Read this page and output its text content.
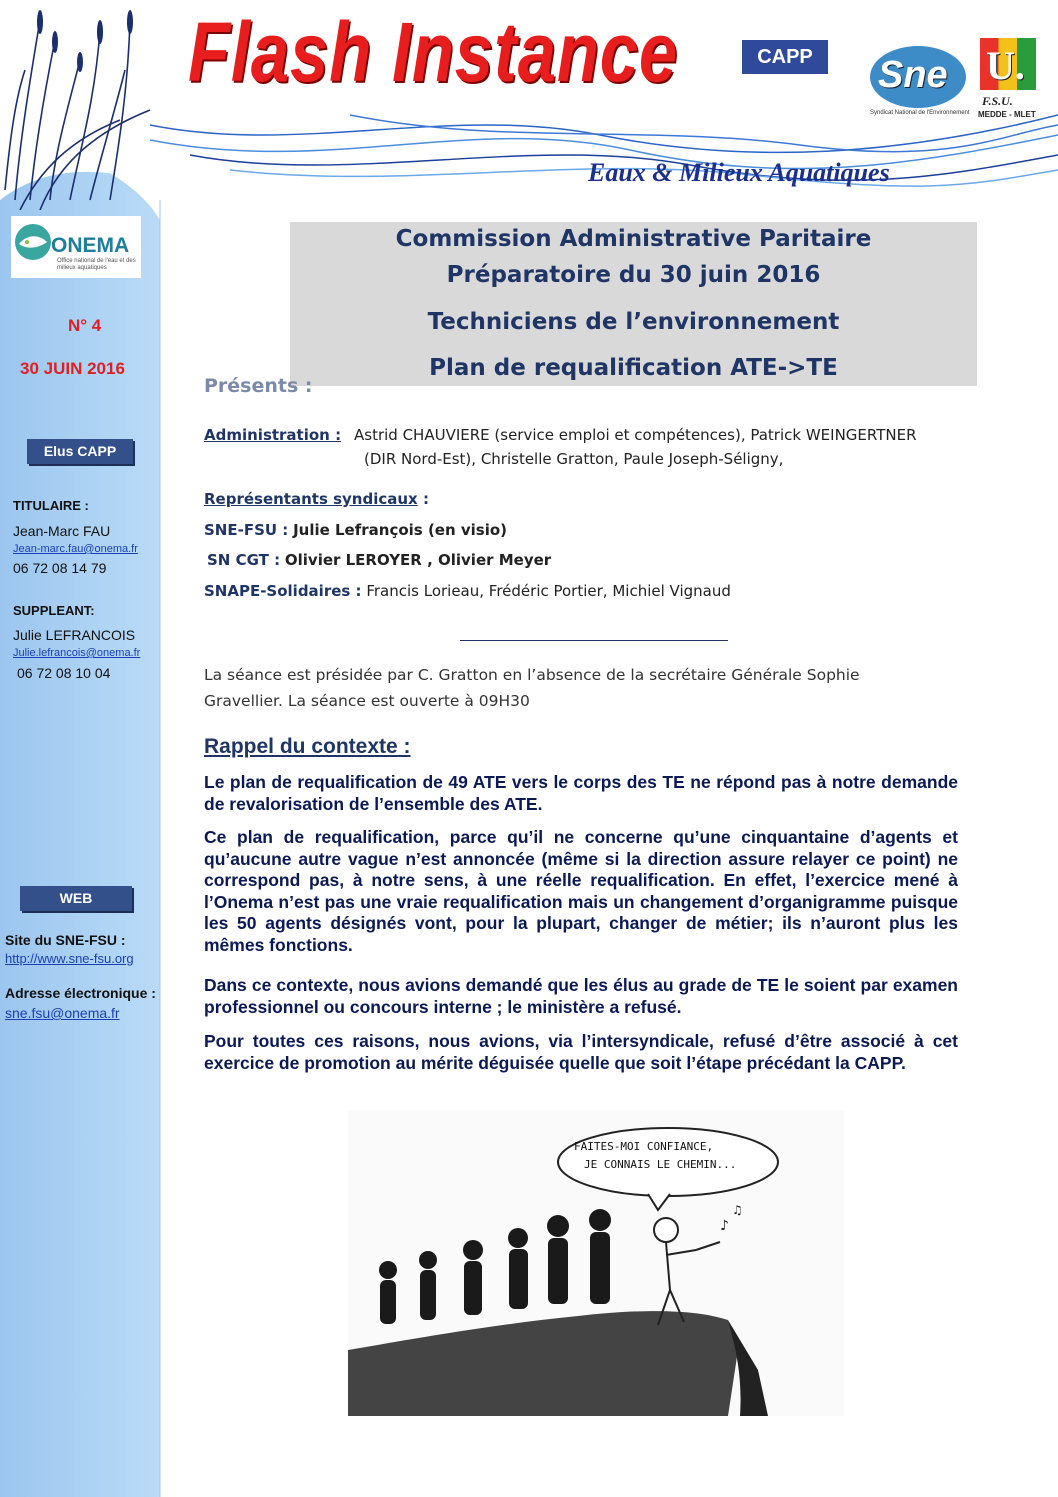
ONEMA
Office national de l'eau et des milieux aquatiques
N° 4
30 JUIN 2016
Elus CAPP
TITULAIRE :
Jean-Marc FAU
Jean-marc.fau@onema.fr
06 72 08 14 79
SUPPLEANT:
Julie LEFRANCOIS
Julie.lefrancois@onema.fr
06 72 08 10 04
WEB
Site du SNE-FSU :
http://www.sne-fsu.org
Adresse électronique :
sne.fsu@onema.fr
Flash Instance
Eaux & Milieux Aquatiques
CAPP	Sne
Syndicat National de l'Environnement
U.
F.S.U.
MEDDE - MLET
Commission Administrative Paritaire
Préparatoire du 30 juin 2016
Techniciens de l’environnement
Plan de requalification ATE->TE
Présents :
Administration : Astrid CHAUVIERE (service emploi et compétences), Patrick WEINGERTNER
(DIR Nord-Est), Christelle Gratton, Paule Joseph-Séligny,
Représentants syndicaux :
SNE-FSU : Julie Lefrançois (en visio)
SN CGT : Olivier LEROYER , Olivier Meyer
SNAPE-Solidaires : Francis Lorieau, Frédéric Portier, Michiel Vignaud
La séance est présidée par C. Gratton en l’absence de la secrétaire Générale Sophie
Gravellier. La séance est ouverte à 09H30
Rappel du contexte :
Le plan de requalification de 49 ATE vers le corps des TE ne répond pas à notre demande de revalorisation de l’ensemble des ATE.
Ce plan de requalification, parce qu’il ne concerne qu’une cinquantaine d’agents et qu’aucune autre vague n’est annoncée (même si la direction assure relayer ce point) ne correspond pas, à notre sens, à une réelle requalification. En effet, l’exercice mené à l’Onema n’est pas une vraie requalification mais un changement d’organigramme puisque les 50 agents désignés vont, pour la plupart, changer de métier; ils n’auront plus les mêmes fonctions.
Dans ce contexte, nous avions demandé que les élus au grade de TE le soient par examen professionnel ou concours interne ; le ministère a refusé.
Pour toutes ces raisons, nous avions, via l’intersyndicale, refusé d’être associé à cet exercice de promotion au mérite déguisée quelle que soit l’étape précédant la CAPP.
♪
♫
FAITES-MOI CONFIANCE,
JE CONNAIS LE CHEMIN...
